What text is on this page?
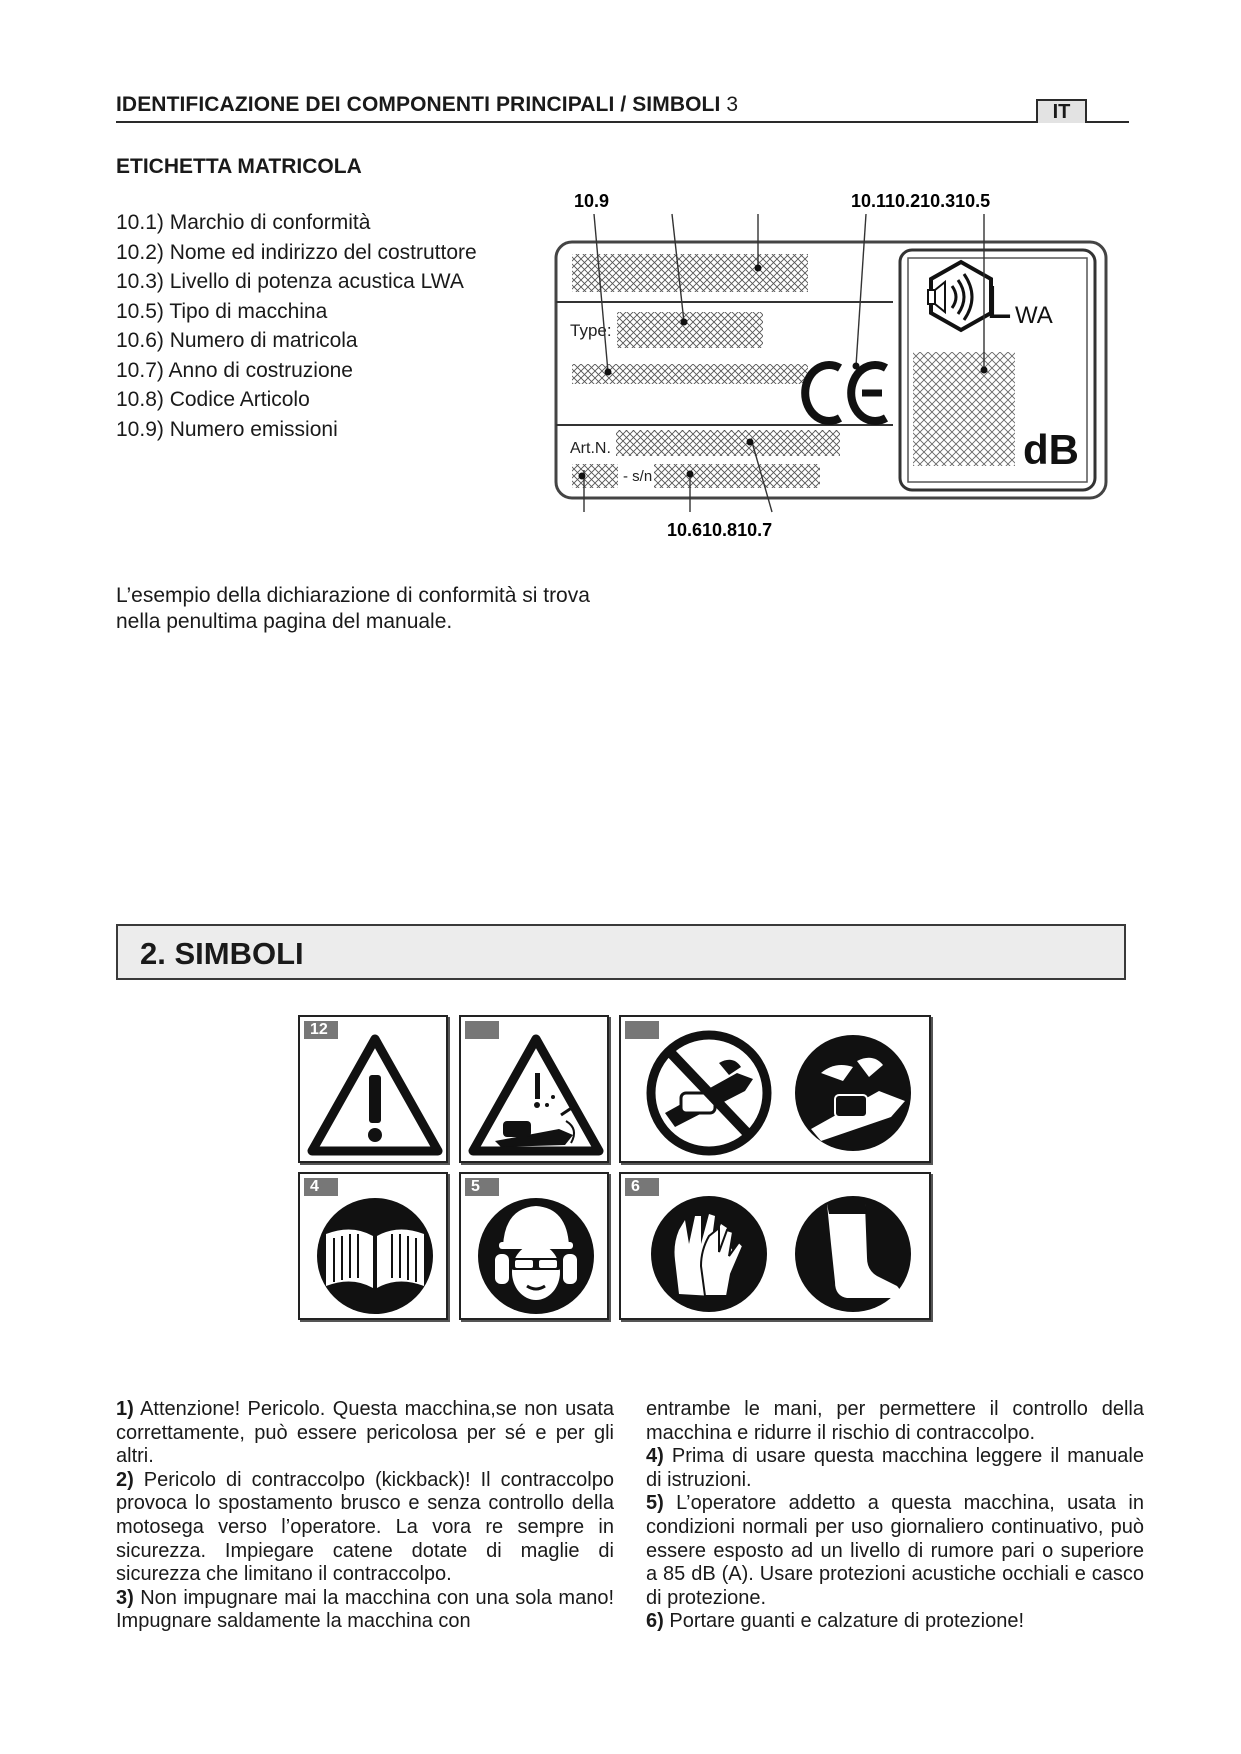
IDENTIFICAZIONE DEI COMPONENTI PRINCIPALI / SIMBOLI 3	IT
ETICHETTA MATRICOLA
10.1) Marchio di conformità
10.2) Nome ed indirizzo del costruttore
10.3) Livello di potenza acustica LWA
10.5) Tipo di macchina
10.6) Numero di matricola
10.7) Anno di costruzione
10.8) Codice Articolo
10.9) Numero emissioni
10.9	10.110.210.310.5
10.610.810.7
Type:
Art.N.
- s/n
L WA
dB
L’esempio della dichiarazione di conformità si trova nella penultima pagina del manuale.
2. SIMBOLI
12
4	5	6

1) Attenzione! Pericolo. Questa macchina,se non usata correttamente, può essere pericolosa per sé e per gli altri.

2) Pericolo di contraccolpo (kickback)! Il contraccolpo provoca lo spostamento brusco e senza controllo della motosega verso l’operatore. La vora re sempre in sicurezza. Impiegare catene dotate di maglie di sicurezza che limitano il contraccolpo.

3) Non impugnare mai la macchina con una sola mano! Impugnare saldamente la macchina con

entrambe le mani, per permettere il controllo della macchina e ridurre il rischio di contraccolpo.

4) Prima di usare questa macchina leggere il manuale di istruzioni.

5) L’operatore addetto a questa macchina, usata in condizioni normali per uso giornaliero continuativo, può essere esposto ad un livello di rumore pari o superiore a 85 dB (A). Usare protezioni acustiche occhiali e casco di protezione.

6) Portare guanti e calzature di protezione!
